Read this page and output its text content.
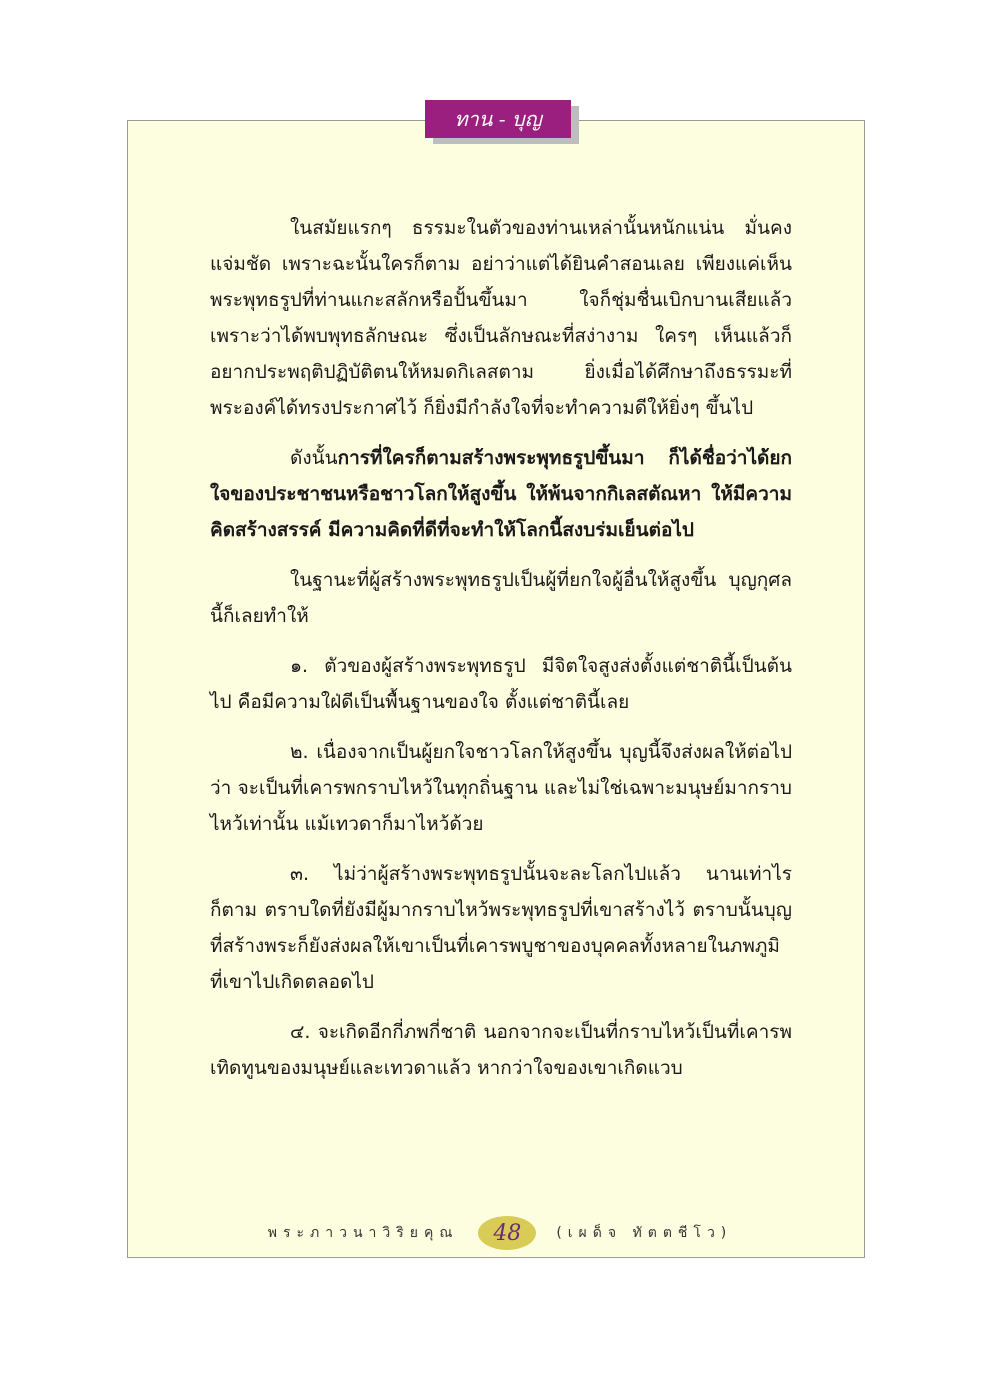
ทาน - บุญ

ในสมัยแรกๆ ธรรมะในตัวของท่านเหล่านั้นหนักแน่น มั่นคง แจ่มชัด เพราะฉะนั้นใครก็ตาม อย่าว่าแต่ได้ยินคำสอนเลย เพียงแค่เห็นพระพุทธรูปที่ท่านแกะสลักหรือปั้นขึ้นมา ใจก็ชุ่มชื่นเบิกบานเสียแล้ว เพราะว่าได้พบพุทธลักษณะ ซึ่งเป็นลักษณะที่สง่างาม ใครๆ เห็นแล้วก็อยากประพฤติปฏิบัติตนให้หมดกิเลสตาม ยิ่งเมื่อได้ศึกษาถึงธรรมะที่พระองค์ได้ทรงประกาศไว้ ก็ยิ่งมีกำลังใจที่จะทำความดีให้ยิ่งๆ ขึ้นไป

ดังนั้นการที่ใครก็ตามสร้างพระพุทธรูปขึ้นมา ก็ได้ชื่อว่าได้ยกใจของประชาชนหรือชาวโลกให้สูงขึ้น ให้พ้นจากกิเลสตัณหา ให้มีความคิดสร้างสรรค์ มีความคิดที่ดีที่จะทำให้โลกนี้สงบร่มเย็นต่อไป

ในฐานะที่ผู้สร้างพระพุทธรูปเป็นผู้ที่ยกใจผู้อื่นให้สูงขึ้น บุญกุศลนี้ก็เลยทำให้

๑. ตัวของผู้สร้างพระพุทธรูป มีจิตใจสูงส่งตั้งแต่ชาตินี้เป็นต้นไป คือมีความใฝ่ดีเป็นพื้นฐานของใจ ตั้งแต่ชาตินี้เลย

๒. เนื่องจากเป็นผู้ยกใจชาวโลกให้สูงขึ้น บุญนี้จึงส่งผลให้ต่อไปว่า จะเป็นที่เคารพกราบไหว้ในทุกถิ่นฐาน และไม่ใช่เฉพาะมนุษย์มากราบไหว้เท่านั้น แม้เทวดาก็มาไหว้ด้วย

๓. ไม่ว่าผู้สร้างพระพุทธรูปนั้นจะละโลกไปแล้ว นานเท่าไรก็ตาม ตราบใดที่ยังมีผู้มากราบไหว้พระพุทธรูปที่เขาสร้างไว้ ตราบนั้นบุญที่สร้างพระก็ยังส่งผลให้เขาเป็นที่เคารพบูชาของบุคคลทั้งหลายในภพภูมิที่เขาไปเกิดตลอดไป

๔. จะเกิดอีกกี่ภพกี่ชาติ นอกจากจะเป็นที่กราบไหว้เป็นที่เคารพ เทิดทูนของมนุษย์และเทวดาแล้ว หากว่าใจของเขาเกิดแวบ

พระภาวนาวิริยคุณ 48	(เผด็จ ทัตตชีโว)
